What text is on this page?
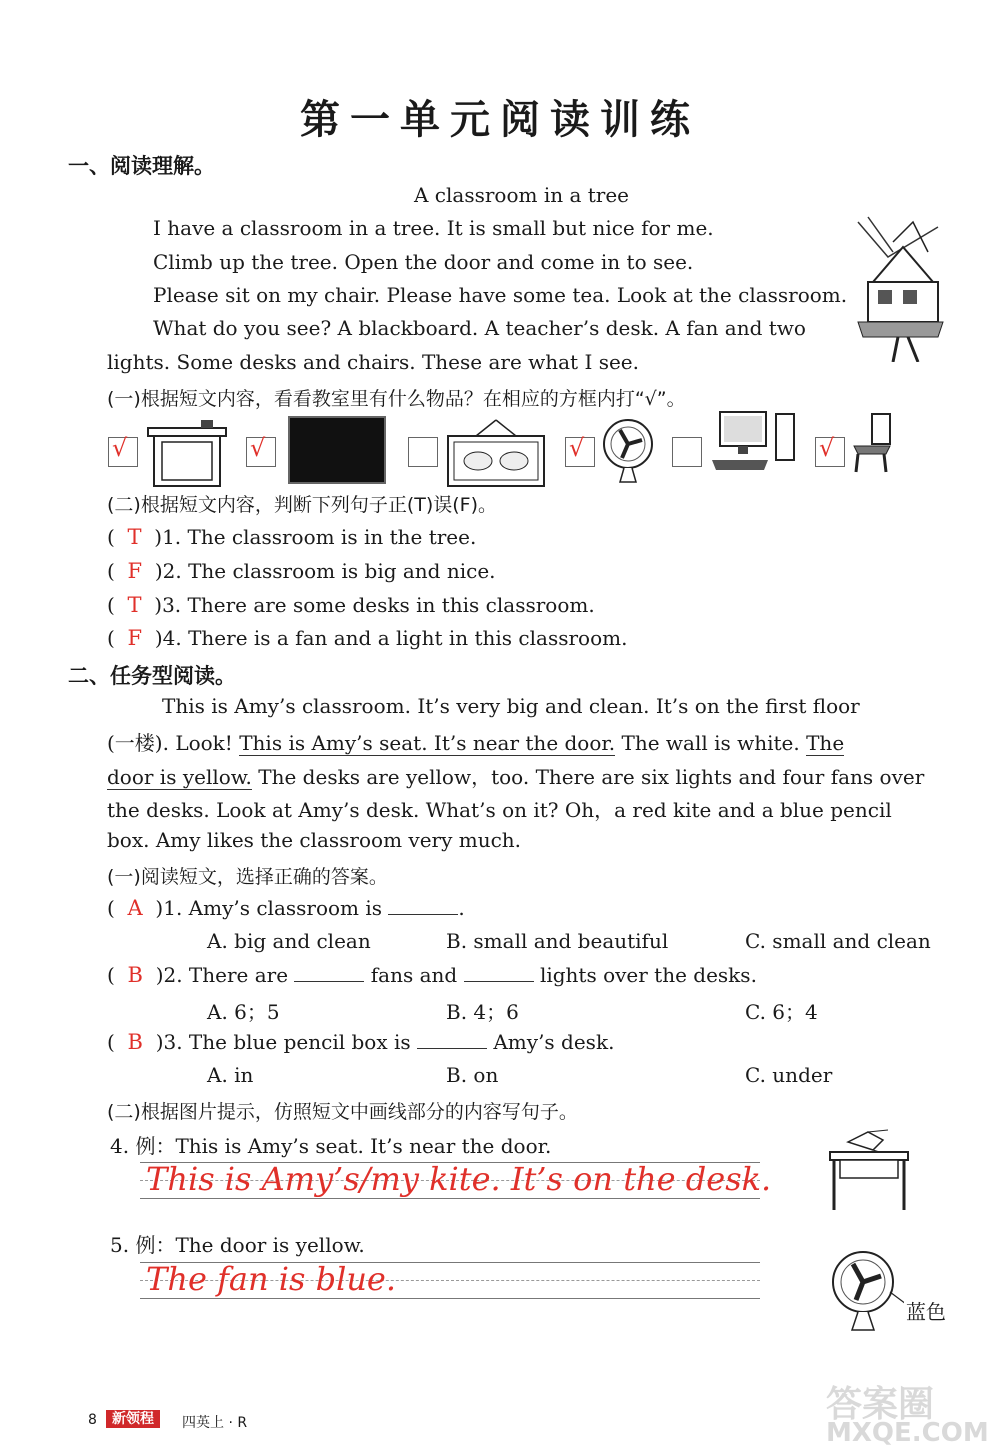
第一单元阅读训练
一、阅读理解。
A classroom in a tree
I have a classroom in a tree. It is small but nice for me.
Climb up the tree. Open the door and come in to see.
Please sit on my chair. Please have some tea. Look at the classroom.
What do you see? A blackboard. A teacher’s desk. A fan and two
lights. Some desks and chairs. These are what I see.
(一)根据短文内容，看看教室里有什么物品？在相应的方框内打“√”。
√	√	√	√
(二)根据短文内容，判断下列句子正(T)误(F)。
(  T )1. The classroom is in the tree.
(  F )2. The classroom is big and nice.
(  T )3. There are some desks in this classroom.
(  F )4. There is a fan and a light in this classroom.
二、任务型阅读。
This is Amy’s classroom. It’s very big and clean. It’s on the first floor
(一楼). Look! This is Amy’s seat. It’s near the door. The wall is white. The
door is yellow. The desks are yellow，too. There are six lights and four fans over
the desks. Look at Amy’s desk. What’s on it? Oh，a red kite and a blue pencil
box. Amy likes the classroom very much.
(一)阅读短文，选择正确的答案。
(  A )1. Amy’s classroom is	.
A. big and clean	B. small and beautiful	C. small and clean
(  B )2. There are	fans and	lights over the desks.
A. 6；5	B. 4；6	C. 6；4
(  B )3. The blue pencil box is	Amy’s desk.
A. in	B. on	C. under
(二)根据图片提示，仿照短文中画线部分的内容写句子。
4. 例：This is Amy’s seat. It’s near the door.
This is Amy’s/my kite. It’s on the desk.
5. 例：The door is yellow.
The fan is blue.
蓝色
8	新领程	四英上 · R	答案圈
MXQE.COM
